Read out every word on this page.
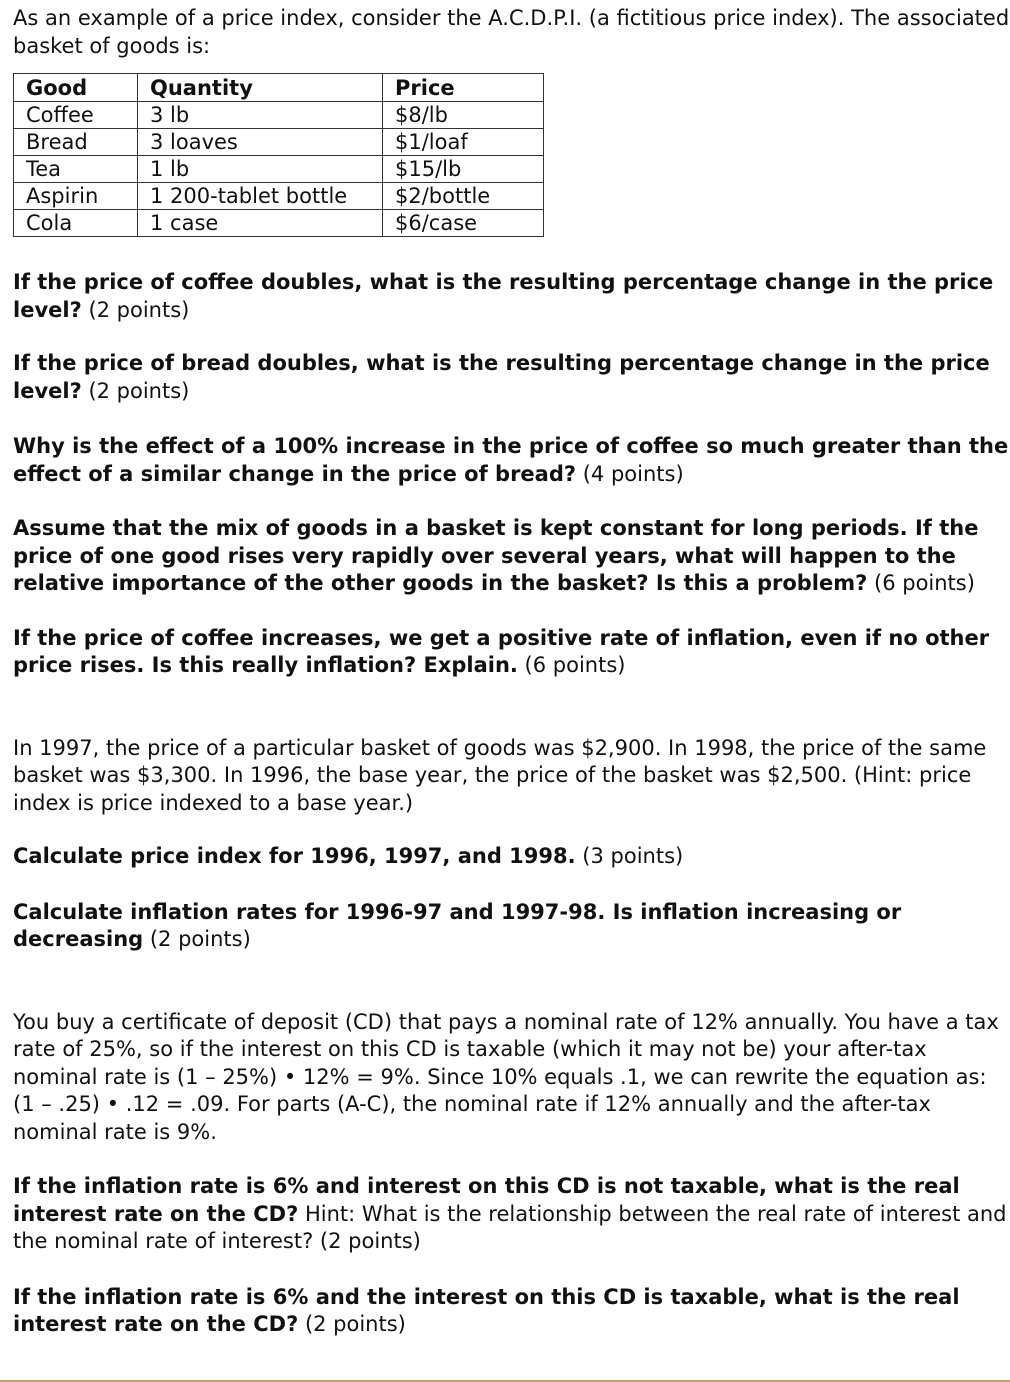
As an example of a price index, consider the A.C.D.P.I. (a fictitious price index). The associated basket of goods is:

Good	Quantity	Price
Coffee	3 lb	$8/lb
Bread	3 loaves	$1/loaf
Tea	1 lb	$15/lb
Aspirin	1 200-tablet bottle	$2/bottle
Cola	1 case	$6/case

If the price of coffee doubles, what is the resulting percentage change in the price level? (2 points)

If the price of bread doubles, what is the resulting percentage change in the price level? (2 points)

Why is the effect of a 100% increase in the price of coffee so much greater than the effect of a similar change in the price of bread? (4 points)

Assume that the mix of goods in a basket is kept constant for long periods. If the price of one good rises very rapidly over several years, what will happen to the relative importance of the other goods in the basket? Is this a problem? (6 points)

If the price of coffee increases, we get a positive rate of inflation, even if no other price rises. Is this really inflation? Explain. (6 points)

In 1997, the price of a particular basket of goods was $2,900. In 1998, the price of the same basket was $3,300. In 1996, the base year, the price of the basket was $2,500. (Hint: price index is price indexed to a base year.)

Calculate price index for 1996, 1997, and 1998. (3 points)

Calculate inflation rates for 1996-97 and 1997-98. Is inflation increasing or decreasing (2 points)

You buy a certificate of deposit (CD) that pays a nominal rate of 12% annually. You have a tax rate of 25%, so if the interest on this CD is taxable (which it may not be) your after-tax nominal rate is (1 – 25%) • 12% = 9%. Since 10% equals .1, we can rewrite the equation as: (1 – .25) • .12 = .09. For parts (A-C), the nominal rate if 12% annually and the after-tax nominal rate is 9%.

If the inflation rate is 6% and interest on this CD is not taxable, what is the real interest rate on the CD? Hint: What is the relationship between the real rate of interest and the nominal rate of interest? (2 points)

If the inflation rate is 6% and the interest on this CD is taxable, what is the real interest rate on the CD? (2 points)
